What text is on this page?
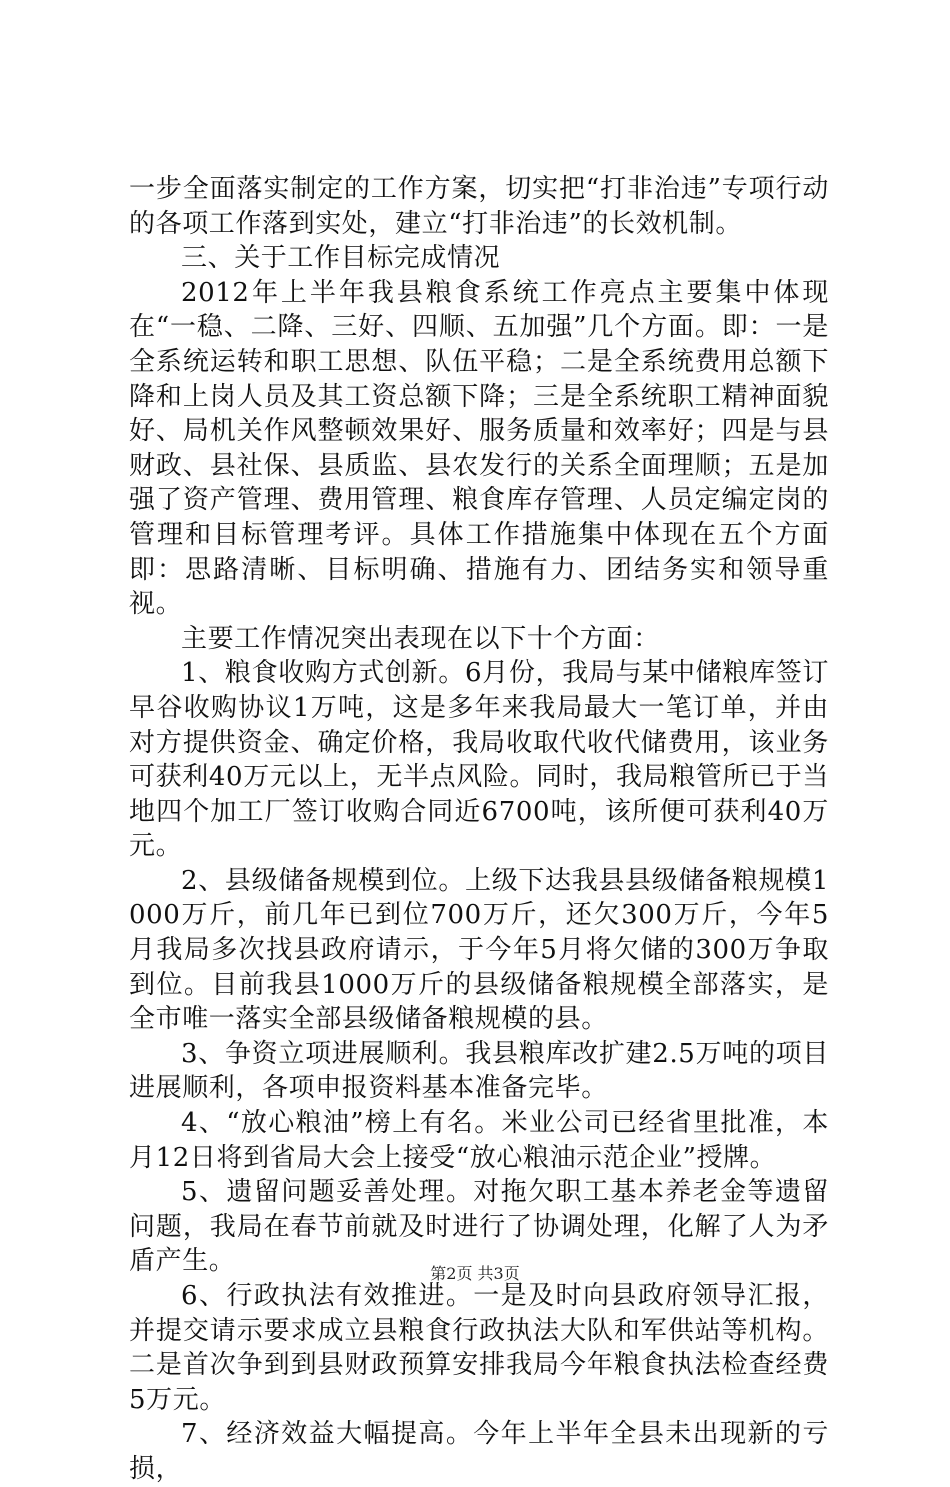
一步全面落实制定的工作方案，切实把“打非治违”专项行动的各项工作落到实处，建立“打非治违”的长效机制。

三、关于工作目标完成情况

2012年上半年我县粮食系统工作亮点主要集中体现在“一稳、二降、三好、四顺、五加强”几个方面。即：一是全系统运转和职工思想、队伍平稳；二是全系统费用总额下降和上岗人员及其工资总额下降；三是全系统职工精神面貌好、局机关作风整顿效果好、服务质量和效率好；四是与县财政、县社保、县质监、县农发行的关系全面理顺；五是加强了资产管理、费用管理、粮食库存管理、人员定编定岗的管理和目标管理考评。具体工作措施集中体现在五个方面即：思路清晰、目标明确、措施有力、团结务实和领导重视。

主要工作情况突出表现在以下十个方面：

1、粮食收购方式创新。6月份，我局与某中储粮库签订早谷收购协议1万吨，这是多年来我局最大一笔订单，并由对方提供资金、确定价格，我局收取代收代储费用，该业务可获利40万元以上，无半点风险。同时，我局粮管所已于当地四个加工厂签订收购合同近6700吨，该所便可获利40万元。

2、县级储备规模到位。上级下达我县县级储备粮规模1000万斤，前几年已到位700万斤，还欠300万斤，今年5月我局多次找县政府请示，于今年5月将欠储的300万争取到位。目前我县1000万斤的县级储备粮规模全部落实，是全市唯一落实全部县级储备粮规模的县。

3、争资立项进展顺利。我县粮库改扩建2.5万吨的项目进展顺利，各项申报资料基本准备完毕。

4、“放心粮油”榜上有名。米业公司已经省里批准，本月12日将到省局大会上接受“放心粮油示范企业”授牌。

5、遗留问题妥善处理。对拖欠职工基本养老金等遗留问题，我局在春节前就及时进行了协调处理，化解了人为矛盾产生。

6、行政执法有效推进。一是及时向县政府领导汇报，并提交请示要求成立县粮食行政执法大队和军供站等机构。二是首次争到到县财政预算安排我局今年粮食执法检查经费5万元。

7、经济效益大幅提高。今年上半年全县未出现新的亏损，

第2页 共3页
